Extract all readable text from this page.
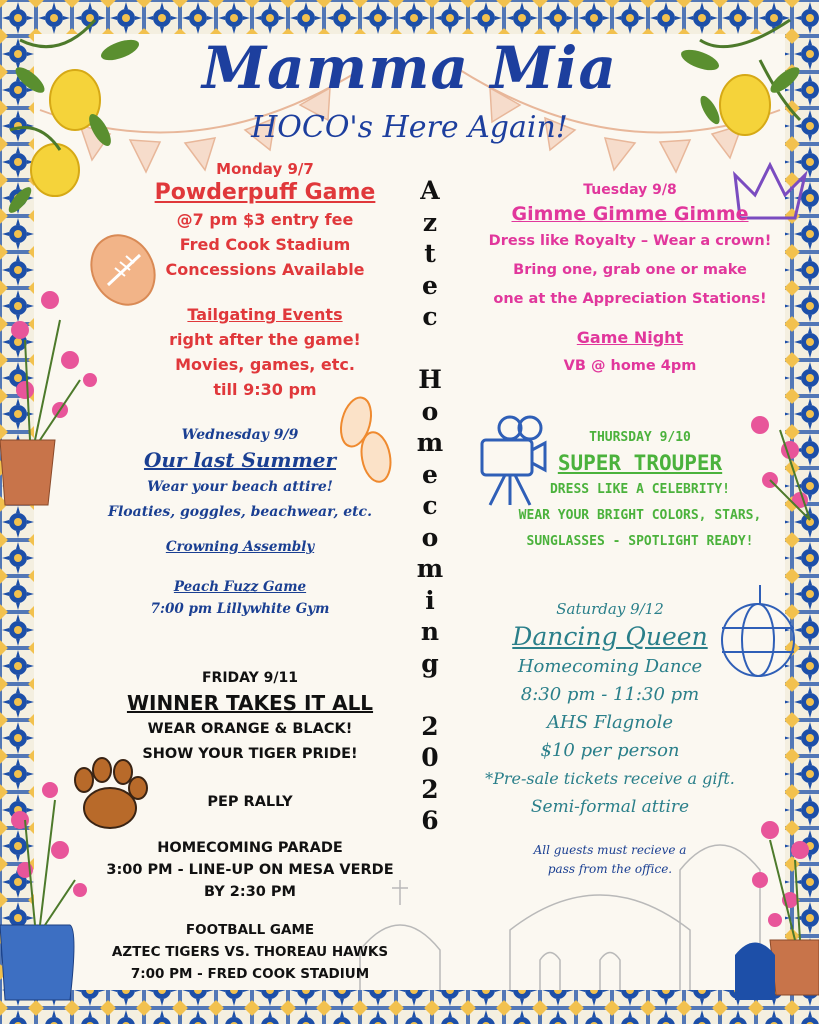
Mamma Mia
HOCO's Here Again!
A
z
t
e
c
H
o
m
e
c
o
m
i
n
g
2
0
2
6
Monday 9/7
Powderpuff Game
@7 pm $3 entry fee
Fred Cook Stadium
Concessions Available
Tailgating Events
right after the game!
Movies, games, etc.
till 9:30 pm
Tuesday 9/8
Gimme Gimme Gimme
Dress like Royalty – Wear a crown!
Bring one, grab one or make
one at the Appreciation Stations!
Game Night
VB @ home 4pm
Wednesday 9/9
Our last Summer
Wear your beach attire!
Floaties, goggles, beachwear, etc.
Crowning Assembly
Peach Fuzz Game
7:00 pm Lillywhite Gym
THURSDAY 9/10
SUPER TROUPER
DRESS LIKE A CELEBRITY!
WEAR YOUR BRIGHT COLORS, STARS,
SUNGLASSES - SPOTLIGHT READY!
FRIDAY 9/11
WINNER TAKES IT ALL
WEAR ORANGE & BLACK!
SHOW YOUR TIGER PRIDE!
PEP RALLY
HOMECOMING PARADE
3:00 PM - LINE-UP ON MESA VERDE
BY 2:30 PM
FOOTBALL GAME
AZTEC TIGERS VS. THOREAU HAWKS
7:00 PM - FRED COOK STADIUM
Saturday 9/12
Dancing Queen
Homecoming Dance
8:30 pm - 11:30 pm
AHS Flagnole
$10 per person
*Pre-sale tickets receive a gift.
Semi-formal attire
All guests must recieve a
pass from the office.
